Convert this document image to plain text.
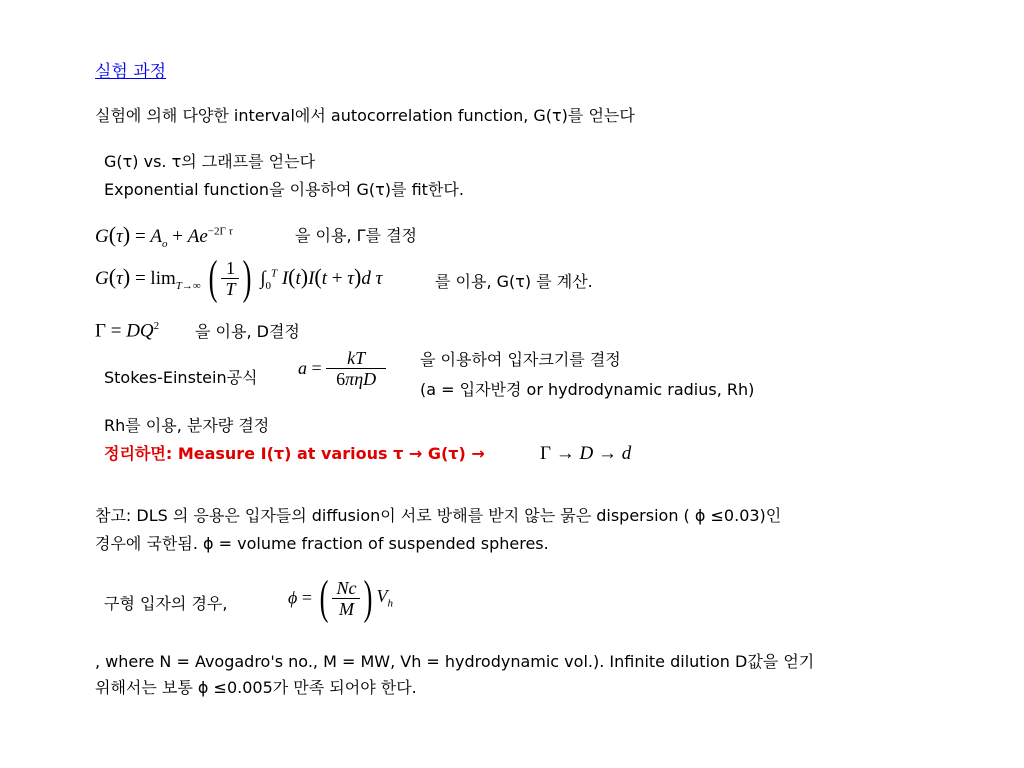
실험 과정
실험에 의해 다양한 interval에서 autocorrelation function, G(τ)를 얻는다
G(τ) vs. τ의 그래프를 얻는다
Exponential function을 이용하여 G(τ)를 fit한다.
$G(\tau) = A_o + Ae^{-2\Gamma \tau}$	을 이용, Γ를 결정
$G(\tau) = \lim_{T\to\infty}$ ( $\frac{1}{T}$ ) $\int_0^T$ I(t)I(t + τ)d τ	를 이용, G(τ) 를 계산.
$\Gamma = DQ^2$ 을 이용, D결정
Stokes-Einstein공식 $a = \frac{kT}{\text{6πηD}}$ 을 이용하여 입자크기를 결정
(a = 입자반경 or hydrodynamic radius, Rh)
Rh를 이용, 분자량 결정
정리하면: Measure I(τ) at various τ → G(τ) →	Γ → D → d
참고: DLS 의 응용은 입자들의 diffusion이 서로 방해를 받지 않는 묽은 dispersion ( ϕ ≤0.03)인
경우에 국한됨. ϕ = volume fraction of suspended spheres.
구형 입자의 경우,	ϕ = ( $\frac{Nc}{M}$ ) $V_h$
, where N = Avogadro's no., M = MW, Vh = hydrodynamic vol.). Infinite dilution D값을 얻기
위해서는 보통 ϕ ≤0.005가 만족 되어야 한다.
